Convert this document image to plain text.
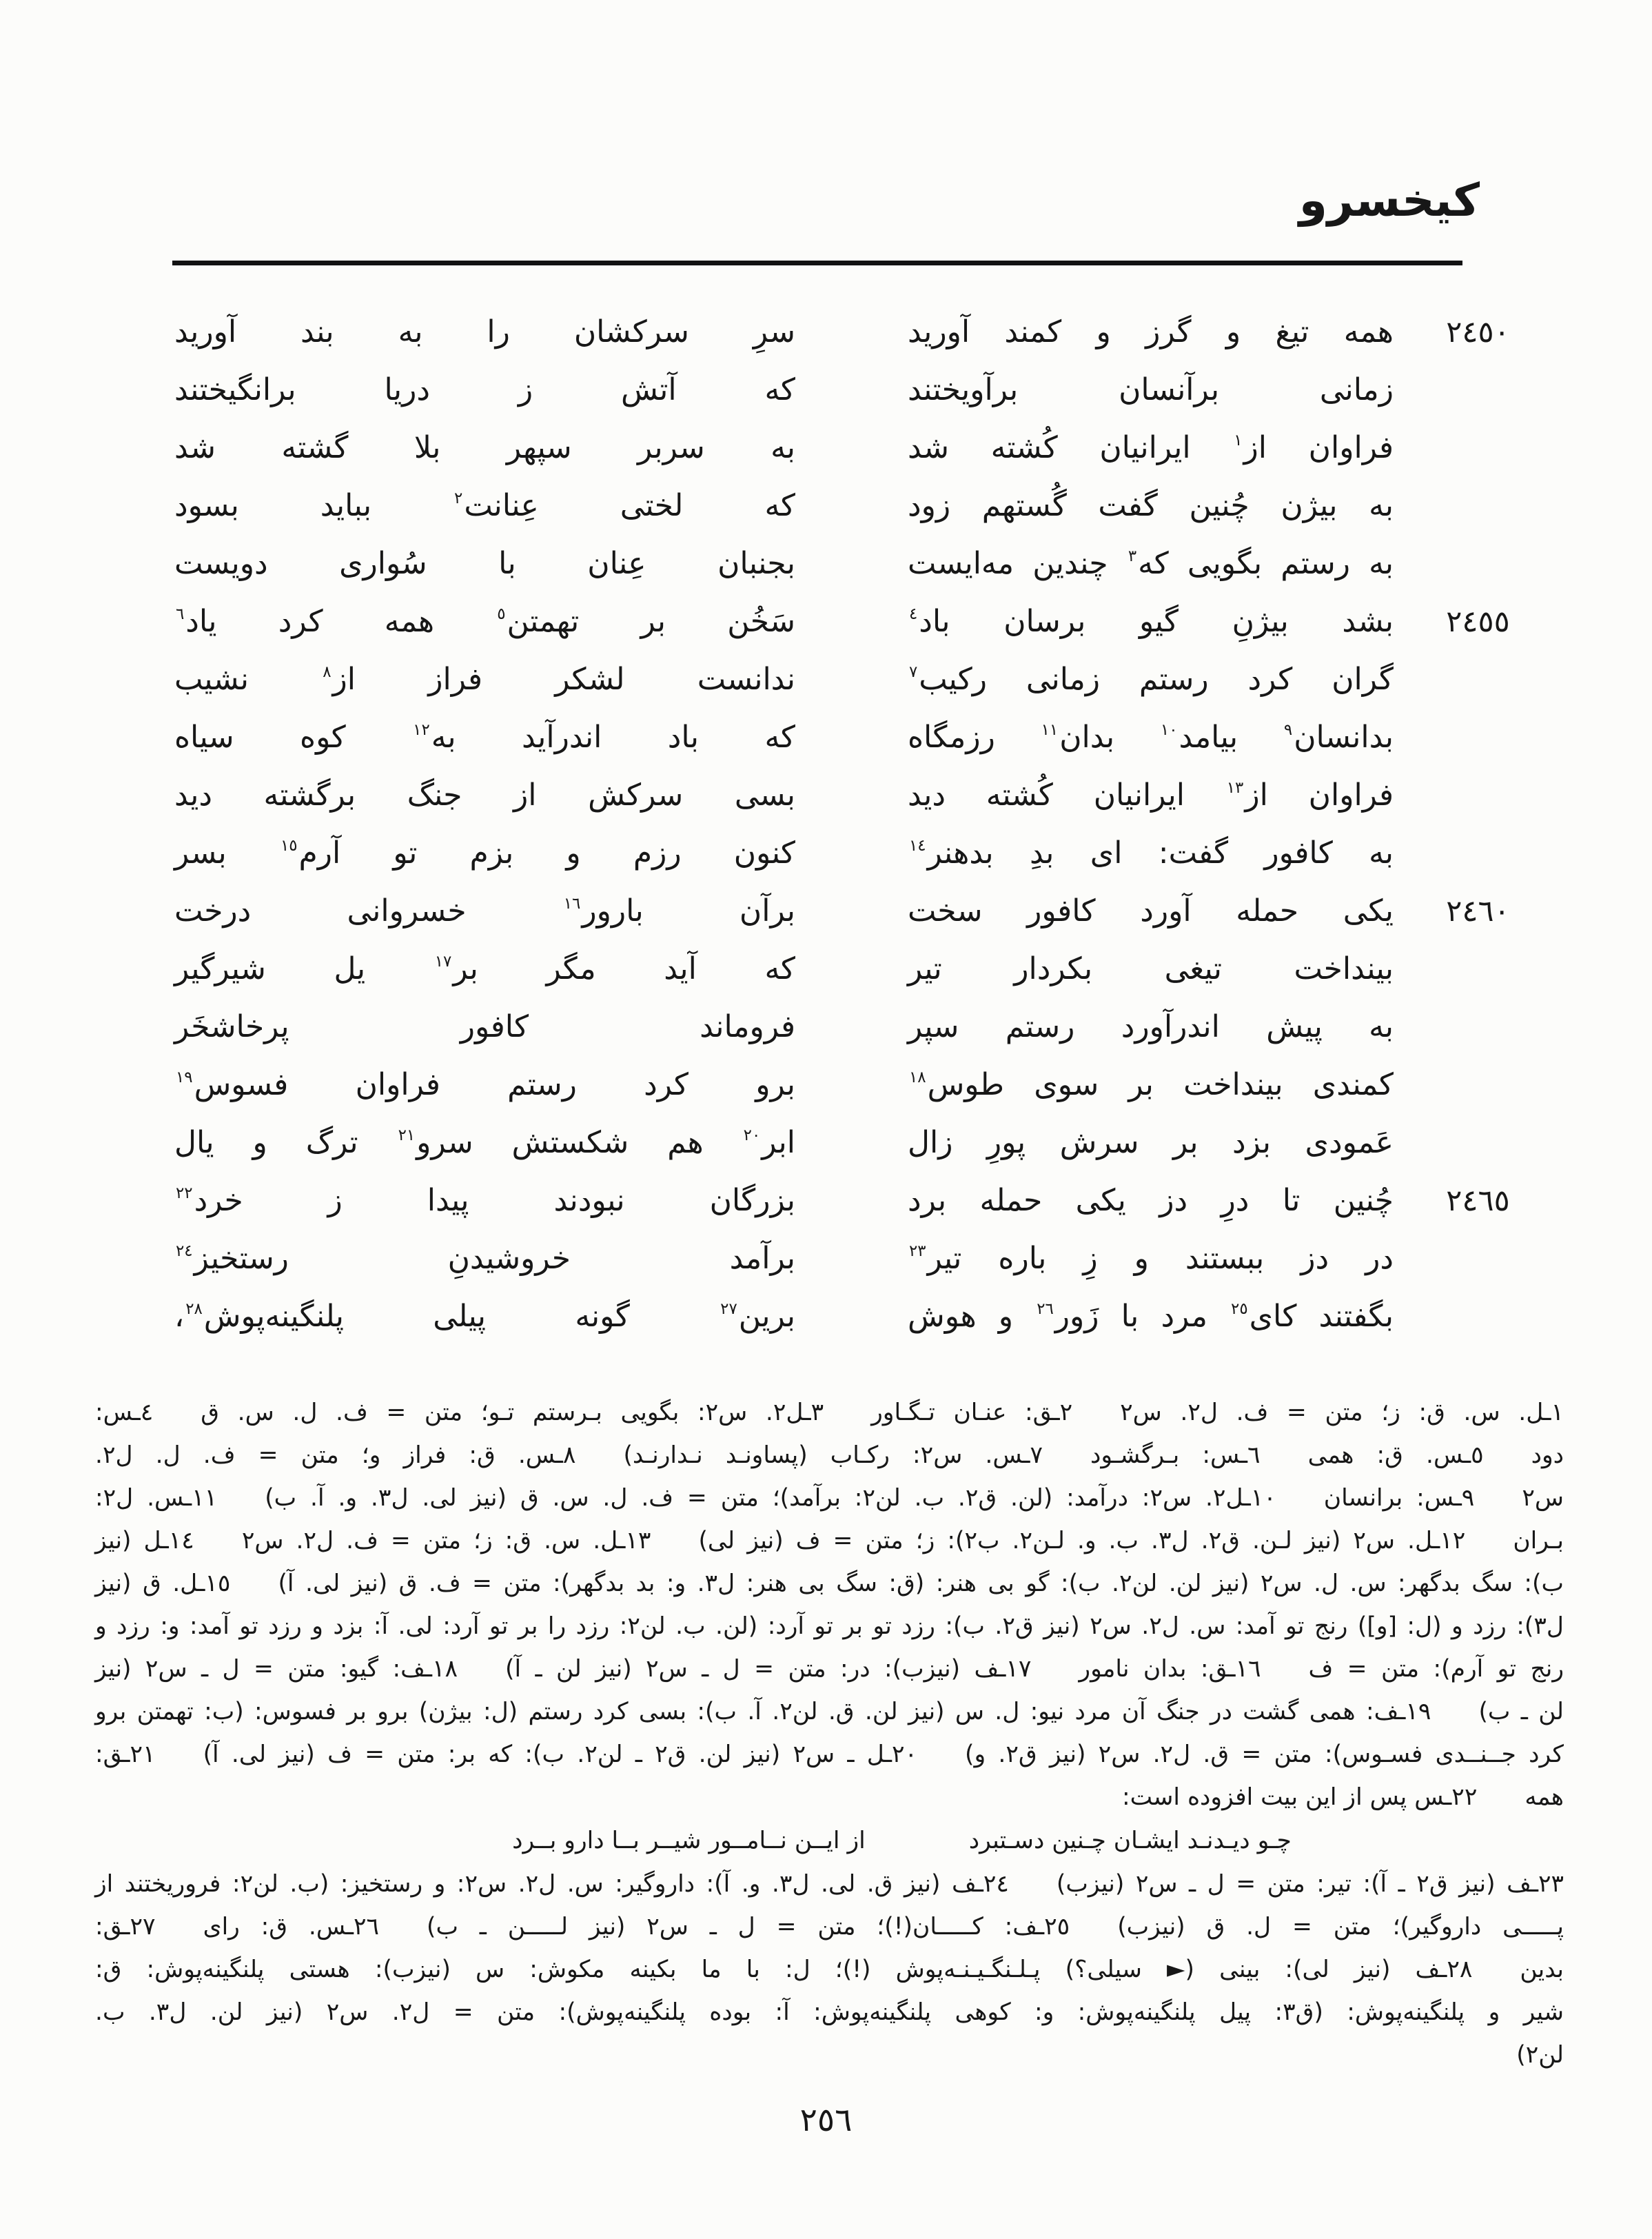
کیخسرو
٢٤٥٠
همه تیغ و گرز و کمند آورید
سرِ سرکشان را به بند آورید
زمانی برآنسان برآویختند
که آتش ز دریا برانگیختند
فراوان از$^١$ ایرانیان کُشته شد
به سربر سپهر بلا گشته شد
به بیژن چُنین گفت گُستهم زود
که لختی عِنانت$^٢$ بباید بسود
به رستم بگویی که$^٣$ چندین مه‌ایست
بجنبان عِنان با سُواری دویست
٢٤٥٥
بشد بیژنِ گیو برسان باد$^٤$
سَخُن بر تهمتن$^٥$ همه کرد یاد$^٦$
گران کرد رستم زمانی رکیب$^٧$
ندانست لشکر فراز از$^٨$ نشیب
بدانسان$^٩$ بیامد$^{١٠}$ بدان$^{١١}$ رزمگاه
که باد اندرآید به$^{١٢}$ کوه سیاه
فراوان از$^{١٣}$ ایرانیان کُشته دید
بسی سرکش از جنگ برگشته دید
به کافور گفت: ای بدِ بدهنر$^{١٤}$
کنون رزم و بزم تو آرم$^{١٥}$ بسر
٢٤٦٠
یکی حمله آورد کافور سخت
برآن بارور$^{١٦}$ خسروانی درخت
بینداخت تیغی بکردار تیر
که آید مگر بر$^{١٧}$ یل شیرگیر
به پیش اندرآورد رستم سپر
فروماند کافور پرخاشخَر
کمندی بینداخت بر سوی طوس$^{١٨}$
برو کرد رستم فراوان فسوس$^{١٩}$
عَمودی بزد بر سرش پورِ زال
ابر$^{٢٠}$ هم شکستش سرو$^{٢١}$ ترگ و یال
٢٤٦٥
چُنین تا درِ دز یکی حمله برد
بزرگان نبودند پیدا ز خرد$^{٢٢}$
در دز ببستند و زِ باره تیر$^{٢٣}$
برآمد خروشیدنِ رستخیز$^{٢٤}$
بگفتند کای$^{٢٥}$ مرد با زَور$^{٢٦}$ و هوش
برین$^{٢٧}$ گونه پیلی پلنگینه‌پوش$^{٢٨}$،
١ـل. س. ق: ز؛ متن = ف. ل٢. س٢  ٢ـق: عنـان تـگـاور  ٣ـل٢. س٢: بگویی بـرستم تـو؛ متن = ف. ل. س. ق  ٤ـس:
دود  ٥ـس. ق: همی  ٦ـس: بـرگشـود  ٧ـس. س٢: رکـاب (پساونـد نـدارنـد)  ٨ـس. ق: فراز و؛ متن = ف. ل. ل٢.
س٢  ٩ـس: برانسان  ١٠ـل٢. س٢: درآمد: (لن. ق٢. ب. لن٢: برآمد)؛ متن = ف. ل. س. ق (نیز لی. ل٣. و. آ. ب)  ١١ـس. ل٢:
بـران  ١٢ـل. س٢ (نیز لـن. ق٢. ل٣. ب. و. لـن٢. ب٢): ز؛ متن = ف (نیز لی)  ١٣ـل. س. ق: ز؛ متن = ف. ل٢. س٢  ١٤ـل (نیز
ب): سگ بدگهر: س. ل. س٢ (نیز لن. لن٢. ب): گو بی هنر: (ق: سگ بی هنر: ل٣. و: بد بدگهر): متن = ف. ق (نیز لی. آ)  ١٥ـل. ق (نیز
ل٣): رزد و (ل: [و]) رنج تو آمد: س. ل٢. س٢ (نیز ق٢. ب): رزد تو بر تو آرد: (لن. ب. لن٢: رزد را بر تو آرد: لی. آ: بزد و رزد تو آمد: و: رزد و
رنج تو آرم): متن = ف  ١٦ـق: بدان نامور  ١٧ـف (نیزب): در: متن = ل ـ س٢ (نیز لن ـ آ)  ١٨ـف: گیو: متن = ل ـ س٢ (نیز
لن ـ ب)  ١٩ـف: همی گشت در جنگ آن مرد نیو: ل. س (نیز لن. ق. لن٢. آ. ب): بسی کرد رستم (ل: بیژن) برو بر فسوس: (ب: تهمتن برو
کرد جــنــدی فسـوس): متن = ق. ل٢. س٢ (نیز ق٢. و)  ٢٠ـل ـ س٢ (نیز لن. ق٢ ـ لن٢. ب): که بر: متن = ف (نیز لی. آ)  ٢١ـق:
همه  ٢٢ـس پس از این بیت افزوده است:
چـو دیـدنـد ایشـان چـنین دسـتبرد
از ایــن نــامــور شیــر بــا دارو بــرد
٢٣ـف (نیز ق٢ ـ آ): تیر: متن = ل ـ س٢ (نیزب)  ٢٤ـف (نیز ق. لی. ل٣. و. آ): داروگیر: س. ل٢. س٢: و رستخیز: (ب. لن٢: فروریختند از
پـــــی داروگیر)؛ متن = ل. ق (نیزب)  ٢٥ـف: کـــــان(!)؛ متن = ل ـ س٢ (نیز لـــــن ـ ب)  ٢٦ـس. ق: رای  ٢٧ـق:
بدین  ٢٨ـف (نیز لی): بینی (► سیلی؟) پـلـنگـیـنـه‌پوش (!)؛ ل: با ما بکینه مکوش: س (نیزب): هستی پلنگینه‌پوش: ق:
شیر و پلنگینه‌پوش: (ق٣: پیل پلنگینه‌پوش: و: کوهی پلنگینه‌پوش: آ: بوده پلنگینه‌پوش): متن = ل٢. س٢ (نیز لن. ل٣. ب.
لن٢)
٢٥٦
